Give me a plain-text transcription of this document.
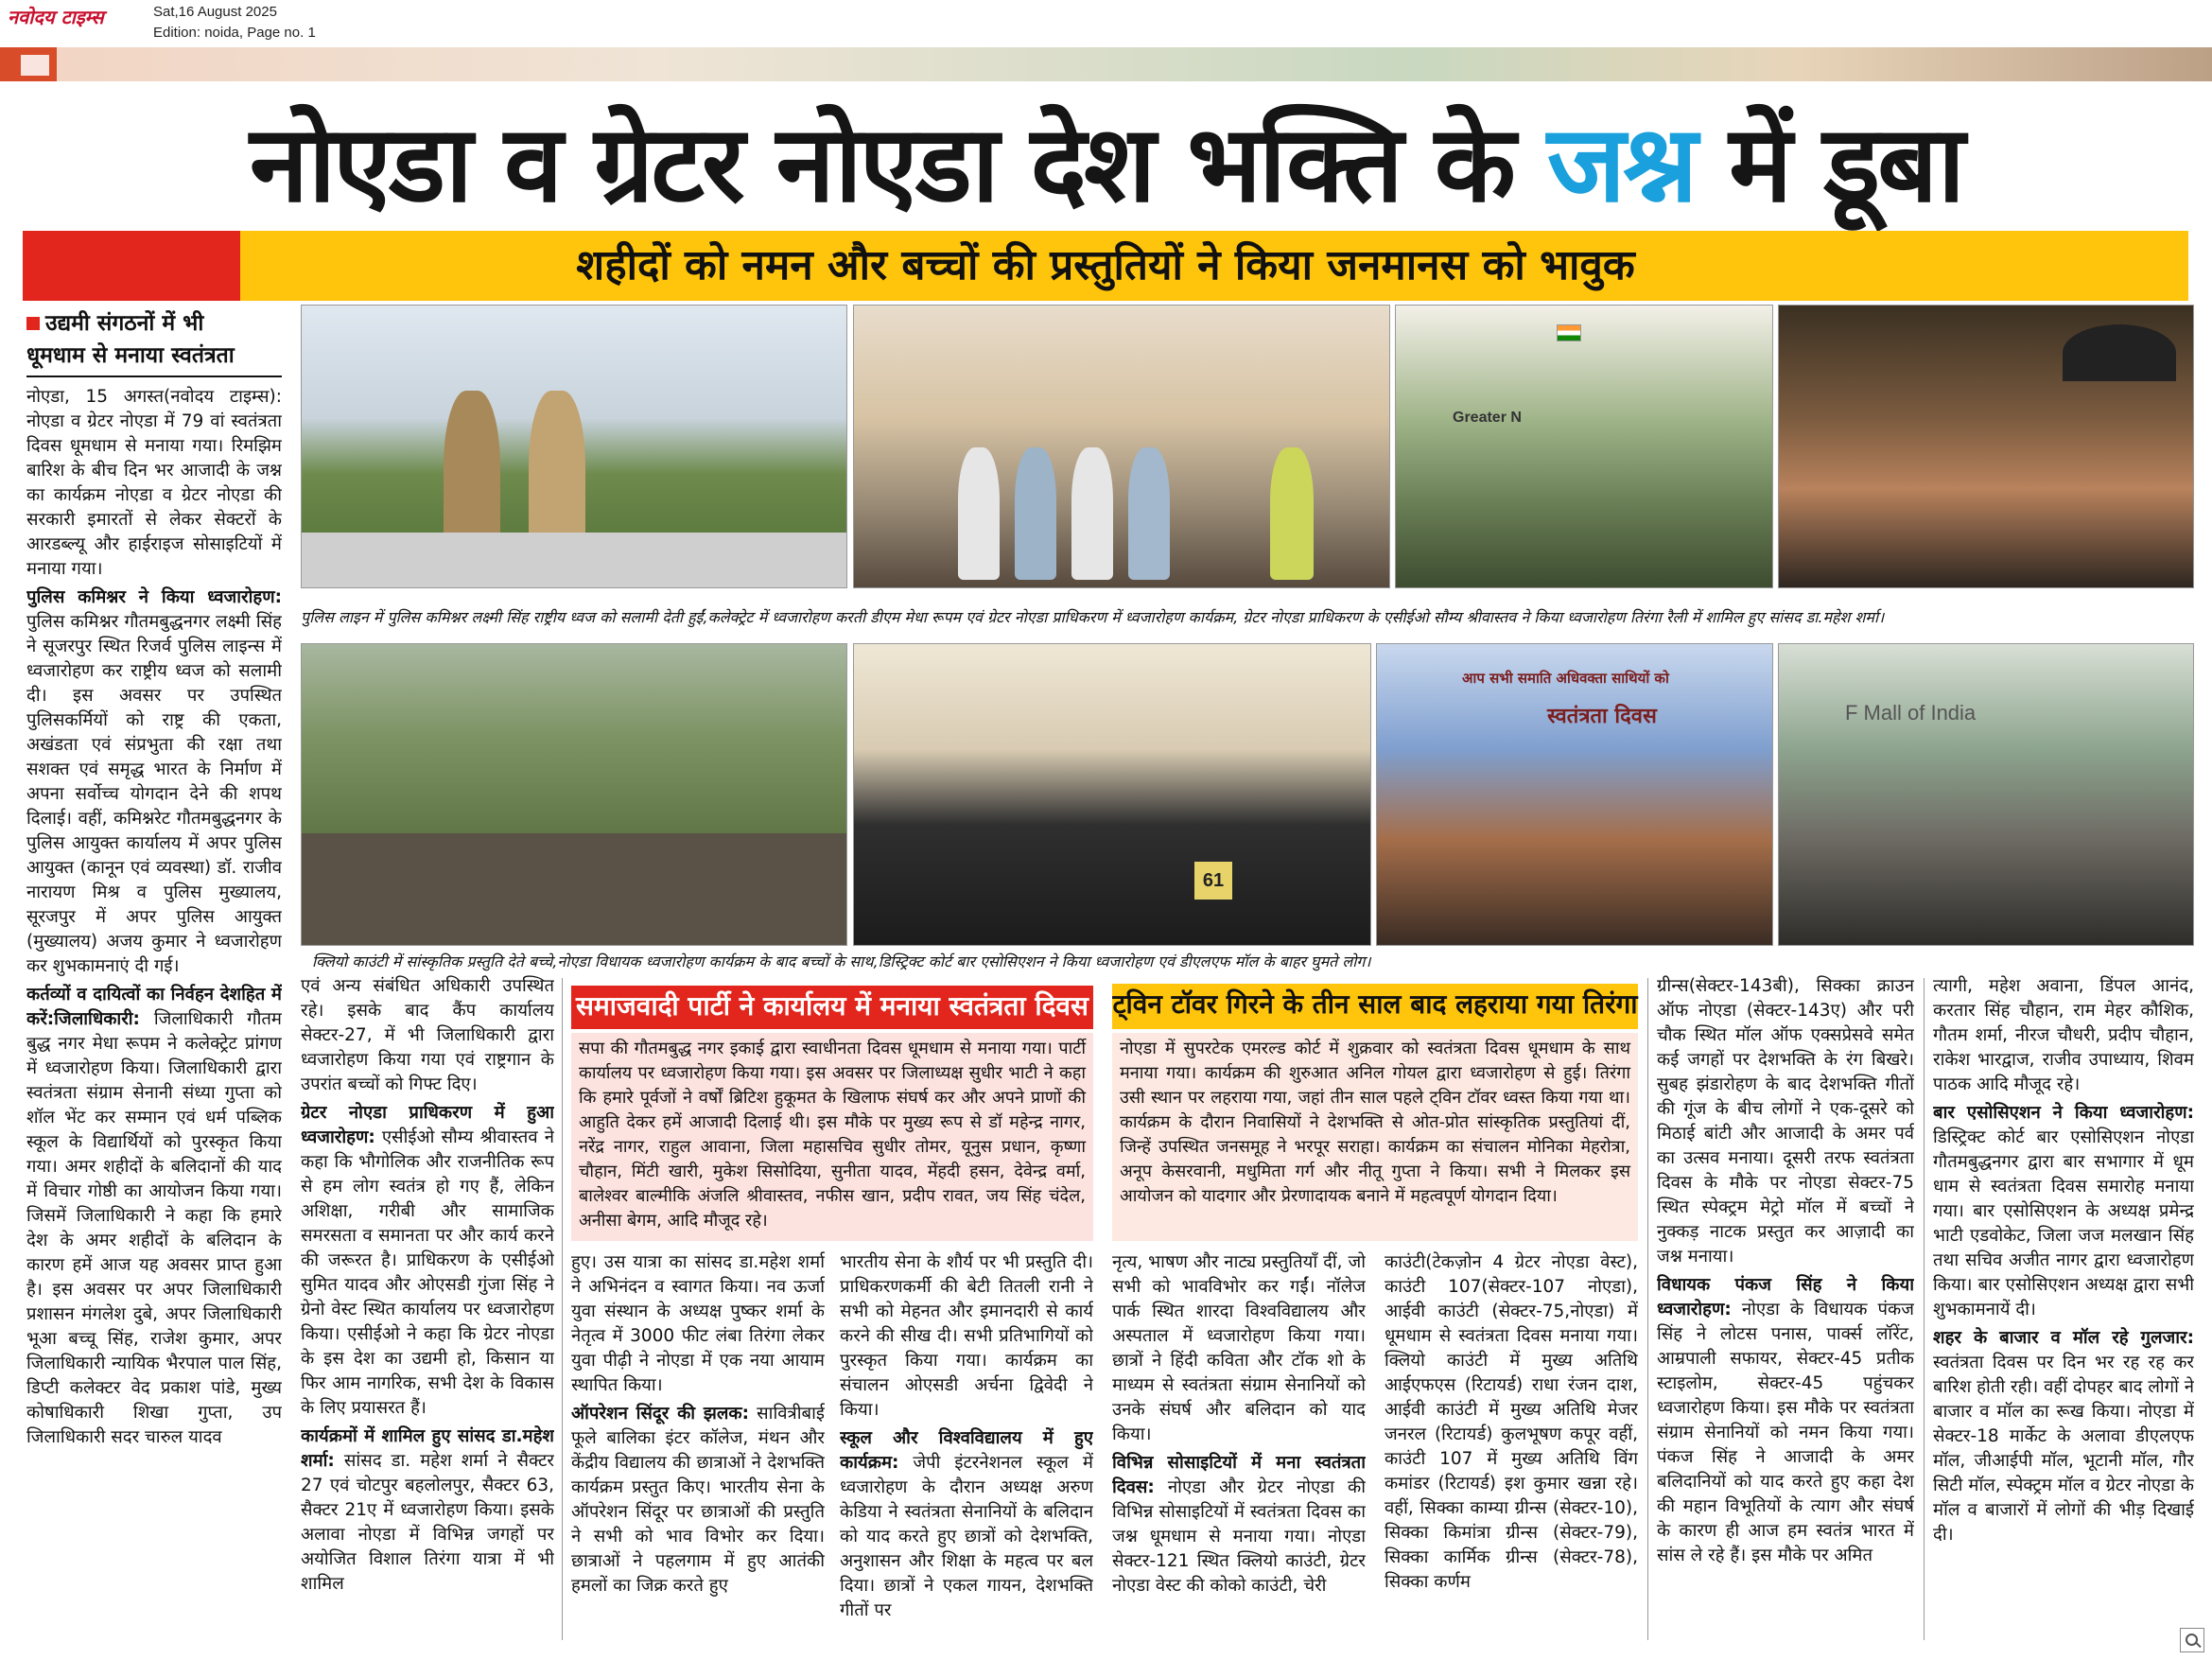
नवोदय टाइम्स	Sat,16 August 2025
Edition: noida, Page no. 1
नोएडा व ग्रेटर नोएडा देश भक्ति के जश्न में डूबा
शहीदों को नमन और बच्चों की प्रस्तुतियों ने किया जनमानस को भावुक
उद्यमी संगठनों में भी
धूमधाम से मनाया स्वतंत्रता
नोएडा, 15 अगस्त(नवोदय टाइम्स): नोएडा व ग्रेटर नोएडा में 79 वां स्वतंत्रता दिवस धूमधाम से मनाया गया। रिमझिम बारिश के बीच दिन भर आजादी के जश्न का कार्यक्रम नोएडा व ग्रेटर नोएडा की सरकारी इमारतों से लेकर सेक्टरों के आरडब्ल्यू और हाईराइज सोसाइटियों में मनाया गया।
पुलिस कमिश्नर ने किया ध्वजारोहण: पुलिस कमिश्नर गौतमबुद्धनगर लक्ष्मी सिंह ने सूजरपुर स्थित रिजर्व पुलिस लाइन्स में ध्वजारोहण कर राष्ट्रीय ध्वज को सलामी दी। इस अवसर पर उपस्थित पुलिसकर्मियों को राष्ट्र की एकता, अखंडता एवं संप्रभुता की रक्षा तथा सशक्त एवं समृद्ध भारत के निर्माण में अपना सर्वोच्च योगदान देने की शपथ दिलाई। वहीं, कमिश्नरेट गौतमबुद्धनगर के पुलिस आयुक्त कार्यालय में अपर पुलिस आयुक्त (कानून एवं व्यवस्था) डॉ. राजीव नारायण मिश्र व पुलिस मुख्यालय, सूरजपुर में अपर पुलिस आयुक्त (मुख्यालय) अजय कुमार ने ध्वजारोहण कर शुभकामनाएं दी गई।
कर्तव्यों व दायित्वों का निर्वहन देशहित में करें:जिलाधिकारी: जिलाधिकारी गौतम बुद्ध नगर मेधा रूपम ने कलेक्ट्रेट प्रांगण में ध्वजारोहण किया। जिलाधिकारी द्वारा स्वतंत्रता संग्राम सेनानी संध्या गुप्ता को शॉल भेंट कर सम्मान एवं धर्म पब्लिक स्कूल के विद्यार्थियों को पुरस्कृत किया गया। अमर शहीदों के बलिदानों की याद में विचार गोष्ठी का आयोजन किया गया। जिसमें जिलाधिकारी ने कहा कि हमारे देश के अमर शहीदों के बलिदान के कारण हमें आज यह अवसर प्राप्त हुआ है। इस अवसर पर अपर जिलाधिकारी प्रशासन मंगलेश दुबे, अपर जिलाधिकारी भूआ बच्चू सिंह, राजेश कुमार, अपर जिलाधिकारी न्यायिक भैरपाल पाल सिंह, डिप्टी कलेक्टर वेद प्रकाश पांडे, मुख्य कोषाधिकारी शिखा गुप्ता, उप जिलाधिकारी सदर चारुल यादव
Greater N
पुलिस लाइन में पुलिस कमिश्नर लक्ष्मी सिंह राष्ट्रीय ध्वज को सलामी देती हुईं,कलेक्ट्रेट में ध्वजारोहण करती डीएम मेधा रूपम एवं ग्रेटर नोएडा प्राधिकरण में ध्वजारोहण कार्यक्रम, ग्रेटर नोएडा प्राधिकरण के एसीईओ सौम्य श्रीवास्तव ने किया ध्वजारोहण तिरंगा रैली में शामिल हुए सांसद डा.महेश शर्मा।
61
आप सभी समाति अधिवक्ता साथियों को
स्वतंत्रता दिवस	F Mall of India
क्लियो काउंटी में सांस्कृतिक प्रस्तुति देते बच्चे,नोएडा विधायक ध्वजारोहण कार्यक्रम के बाद बच्चों के साथ,डिस्ट्रिक्ट कोर्ट बार एसोसिएशन ने किया ध्वजारोहण एवं डीएलएफ मॉल के बाहर घुमते लोग।
एवं अन्य संबंधित अधिकारी उपस्थित रहे। इसके बाद कैंप कार्यालय सेक्टर-27, में भी जिलाधिकारी द्वारा ध्वजारोहण किया गया एवं राष्ट्रगान के उपरांत बच्चों को गिफ्ट दिए।
ग्रेटर नोएडा प्राधिकरण में हुआ ध्वजारोहण: एसीईओ सौम्य श्रीवास्तव ने कहा कि भौगोलिक और राजनीतिक रूप से हम लोग स्वतंत्र हो गए हैं, लेकिन अशिक्षा, गरीबी और सामाजिक समरसता व समानता पर और कार्य करने की जरूरत है। प्राधिकरण के एसीईओ सुमित यादव और ओएसडी गुंजा सिंह ने ग्रेनो वेस्ट स्थित कार्यालय पर ध्वजारोहण किया। एसीईओ ने कहा कि ग्रेटर नोएडा के इस देश का उद्यमी हो, किसान या फिर आम नागरिक, सभी देश के विकास के लिए प्रयासरत हैं।
कार्यक्रमों में शामिल हुए सांसद डा.महेश शर्मा: सांसद डा. महेश शर्मा ने सैक्टर 27 एवं चोटपुर बहलोलपुर, सैक्टर 63, सैक्टर 21ए में ध्वजारोहण किया। इसके अलावा नोएडा में विभिन्न जगहों पर अयोजित विशाल तिरंगा यात्रा में भी शामिल
समाजवादी पार्टी ने कार्यालय में मनाया स्वतंत्रता दिवस
सपा की गौतमबुद्ध नगर इकाई द्वारा स्वाधीनता दिवस धूमधाम से मनाया गया। पार्टी कार्यालय पर ध्वजारोहण किया गया। इस अवसर पर जिलाध्यक्ष सुधीर भाटी ने कहा कि हमारे पूर्वजों ने वर्षों ब्रिटिश हुकूमत के खिलाफ संघर्ष कर और अपने प्राणों की आहुति देकर हमें आजादी दिलाई थी। इस मौके पर मुख्य रूप से डॉ महेन्द्र नागर, नरेंद्र नागर, राहुल आवाना, जिला महासचिव सुधीर तोमर, यूनुस प्रधान, कृष्णा चौहान, मिंटी खारी, मुकेश सिसोदिया, सुनीता यादव, मेंहदी हसन, देवेन्द्र वर्मा, बालेश्वर बाल्मीकि अंजलि श्रीवास्तव, नफीस खान, प्रदीप रावत, जय सिंह चंदेल, अनीसा बेगम, आदि मौजूद रहे।
ट्विन टॉवर गिरने के तीन साल बाद लहराया गया तिरंगा
नोएडा में सुपरटेक एमरल्ड कोर्ट में शुक्रवार को स्वतंत्रता दिवस धूमधाम के साथ मनाया गया। कार्यक्रम की शुरुआत अनिल गोयल द्वारा ध्वजारोहण से हुई। तिरंगा उसी स्थान पर लहराया गया, जहां तीन साल पहले ट्विन टॉवर ध्वस्त किया गया था। कार्यक्रम के दौरान निवासियों ने देशभक्ति से ओत-प्रोत सांस्कृतिक प्रस्तुतियां दीं, जिन्हें उपस्थित जनसमूह ने भरपूर सराहा। कार्यक्रम का संचालन मोनिका मेहरोत्रा, अनूप केसरवानी, मधुमिता गर्ग और नीतू गुप्ता ने किया। सभी ने मिलकर इस आयोजन को यादगार और प्रेरणादायक बनाने में महत्वपूर्ण योगदान दिया।
हुए। उस यात्रा का सांसद डा.महेश शर्मा ने अभिनंदन व स्वागत किया। नव ऊर्जा युवा संस्थान के अध्यक्ष पुष्कर शर्मा के नेतृत्व में 3000 फीट लंबा तिरंगा लेकर युवा पीढ़ी ने नोएडा में एक नया आयाम स्थापित किया।
ऑपरेशन सिंदूर की झलक: सावित्रीबाई फूले बालिका इंटर कॉलेज, मंथन और केंद्रीय विद्यालय की छात्राओं ने देशभक्ति कार्यक्रम प्रस्तुत किए। भारतीय सेना के ऑपरेशन सिंदूर पर छात्राओं की प्रस्तुति ने सभी को भाव विभोर कर दिया। छात्राओं ने पहलगाम में हुए आतंकी हमलों का जिक्र करते हुए
भारतीय सेना के शौर्य पर भी प्रस्तुति दी। प्राधिकरणकर्मी की बेटी तितली रानी ने सभी को मेहनत और इमानदारी से कार्य करने की सीख दी। सभी प्रतिभागियों को पुरस्कृत किया गया। कार्यक्रम का संचालन ओएसडी अर्चना द्विवेदी ने किया।
स्कूल और विश्वविद्यालय में हुए कार्यक्रम: जेपी इंटरनेशनल स्कूल में ध्वजारोहण के दौरान अध्यक्ष अरुण केडिया ने स्वतंत्रता सेनानियों के बलिदान को याद करते हुए छात्रों को देशभक्ति, अनुशासन और शिक्षा के महत्व पर बल दिया। छात्रों ने एकल गायन, देशभक्ति गीतों पर
नृत्य, भाषण और नाट्य प्रस्तुतियाँ दीं, जो सभी को भावविभोर कर गईं। नॉलेज पार्क स्थित शारदा विश्वविद्यालय और अस्पताल में ध्वजारोहण किया गया। छात्रों ने हिंदी कविता और टॉक शो के माध्यम से स्वतंत्रता संग्राम सेनानियों को उनके संघर्ष और बलिदान को याद किया।
विभिन्न सोसाइटियों में मना स्वतंत्रता दिवस: नोएडा और ग्रेटर नोएडा की विभिन्न सोसाइटियों में स्वतंत्रता दिवस का जश्न धूमधाम से मनाया गया। नोएडा सेक्टर-121 स्थित क्लियो काउंटी, ग्रेटर नोएडा वेस्ट की कोको काउंटी, चेरी
काउंटी(टेकज़ोन 4 ग्रेटर नोएडा वेस्ट), काउंटी 107(सेक्टर-107 नोएडा), आईवी काउंटी (सेक्टर-75,नोएडा) में धूमधाम से स्वतंत्रता दिवस मनाया गया। क्लियो काउंटी में मुख्य अतिथि आईएफएस (रिटायर्ड) राधा रंजन दाश, आईवी काउंटी में मुख्य अतिथि मेजर जनरल (रिटायर्ड) कुलभूषण कपूर वहीं, काउंटी 107 में मुख्य अतिथि विंग कमांडर (रिटायर्ड) इश कुमार खन्ना रहे। वहीं, सिक्का काम्या ग्रीन्स (सेक्टर-10), सिक्का किमांत्रा ग्रीन्स (सेक्टर-79), सिक्का कार्मिक ग्रीन्स (सेक्टर-78), सिक्का कर्णम
ग्रीन्स(सेक्टर-143बी), सिक्का क्राउन ऑफ नोएडा (सेक्टर-143ए) और परी चौक स्थित मॉल ऑफ एक्सप्रेसवे समेत कई जगहों पर देशभक्ति के रंग बिखरे। सुबह झंडारोहण के बाद देशभक्ति गीतों की गूंज के बीच लोगों ने एक-दूसरे को मिठाई बांटी और आजादी के अमर पर्व का उत्सव मनाया। दूसरी तरफ स्वतंत्रता दिवस के मौके पर नोएडा सेक्टर-75 स्थित स्पेक्ट्रम मेट्रो मॉल में बच्चों ने नुक्कड़ नाटक प्रस्तुत कर आज़ादी का जश्न मनाया।
विधायक पंकज सिंह ने किया ध्वजारोहण: नोएडा के विधायक पंकज सिंह ने लोटस पनास, पार्क्स लॉरेंट, आम्रपाली सफायर, सेक्टर-45 प्रतीक स्टाइलोम, सेक्टर-45 पहुंचकर ध्वजारोहण किया। इस मौके पर स्वतंत्रता संग्राम सेनानियों को नमन किया गया। पंकज सिंह ने आजादी के अमर बलिदानियों को याद करते हुए कहा देश की महान विभूतियों के त्याग और संघर्ष के कारण ही आज हम स्वतंत्र भारत में सांस ले रहे हैं। इस मौके पर अमित
त्यागी, महेश अवाना, डिंपल आनंद, करतार सिंह चौहान, राम मेहर कौशिक, गौतम शर्मा, नीरज चौधरी, प्रदीप चौहान, राकेश भारद्वाज, राजीव उपाध्याय, शिवम पाठक आदि मौजूद रहे।
बार एसोसिएशन ने किया ध्वजारोहण: डिस्ट्रिक्ट कोर्ट बार एसोसिएशन नोएडा गौतमबुद्धनगर द्वारा बार सभागार में धूम धाम से स्वतंत्रता दिवस समारोह मनाया गया। बार एसोसिएशन के अध्यक्ष प्रमेन्द्र भाटी एडवोकेट, जिला जज मलखान सिंह तथा सचिव अजीत नागर द्वारा ध्वजारोहण किया। बार एसोसिएशन अध्यक्ष द्वारा सभी शुभकामनायें दी।
शहर के बाजार व मॉल रहे गुलजार: स्वतंत्रता दिवस पर दिन भर रह रह कर बारिश होती रही। वहीं दोपहर बाद लोगों ने बाजार व मॉल का रूख किया। नोएडा में सेक्टर-18 मार्केट के अलावा डीएलएफ मॉल, जीआईपी मॉल, भूटानी मॉल, गौर सिटी मॉल, स्पेक्ट्रम मॉल व ग्रेटर नोएडा के मॉल व बाजारों में लोगों की भीड़ दिखाई दी।
